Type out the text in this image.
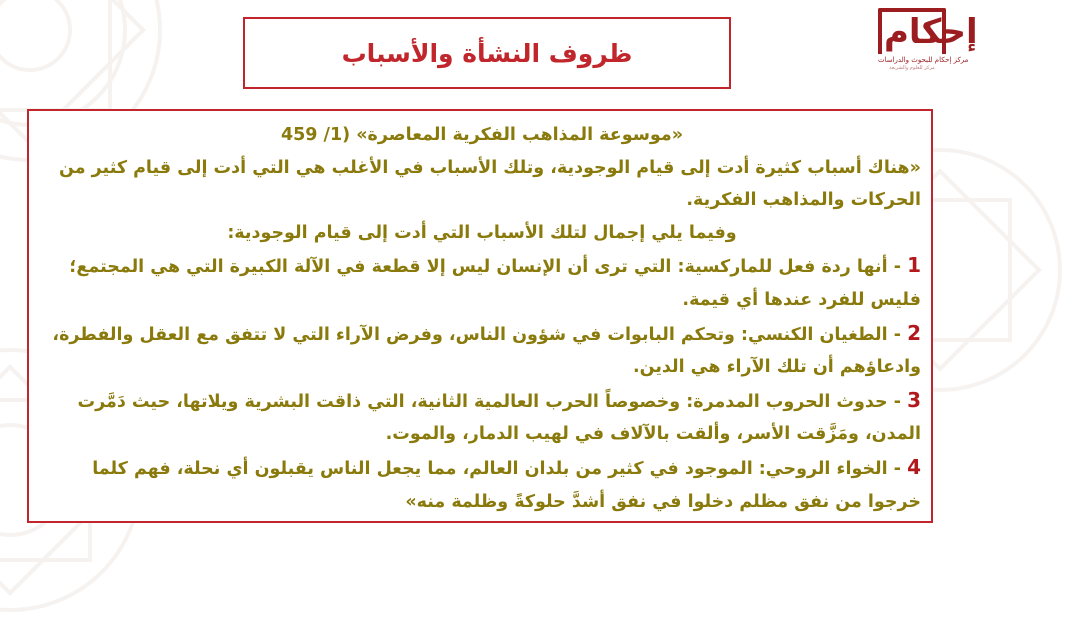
إحكام
مركز إحكام للبحوث والدراسات
مركز للعلوم والشريعة
ظروف النشأة والأسباب

«موسوعة المذاهب الفكرية المعاصرة» (1/ 459

«هناك أسباب كثيرة أدت إلى قيام الوجودية، وتلك الأسباب في الأغلب هي التي أدت إلى قيام كثير من الحركات والمذاهب الفكرية.

وفيما يلي إجمال لتلك الأسباب التي أدت إلى قيام الوجودية:

1 - أنها ردة فعل للماركسية: التي ترى أن الإنسان ليس إلا قطعة في الآلة الكبيرة التي هي المجتمع؛ فليس للفرد عندها أي قيمة.

2 - الطغيان الكنسي: وتحكم البابوات في شؤون الناس، وفرض الآراء التي لا تتفق مع العقل والفطرة، وادعاؤهم أن تلك الآراء هي الدين.

3 - حدوث الحروب المدمرة: وخصوصاً الحرب العالمية الثانية، التي ذاقت البشرية ويلاتها، حيث دَمَّرت المدن، ومَزَّقت الأسر، وألقت بالآلاف في لهيب الدمار، والموت.

4 - الخواء الروحي: الموجود في كثير من بلدان العالم، مما يجعل الناس يقبلون أي نحلة، فهم كلما خرجوا من نفق مظلم دخلوا في نفق أشدَّ حلوكةً وظلمة منه»
